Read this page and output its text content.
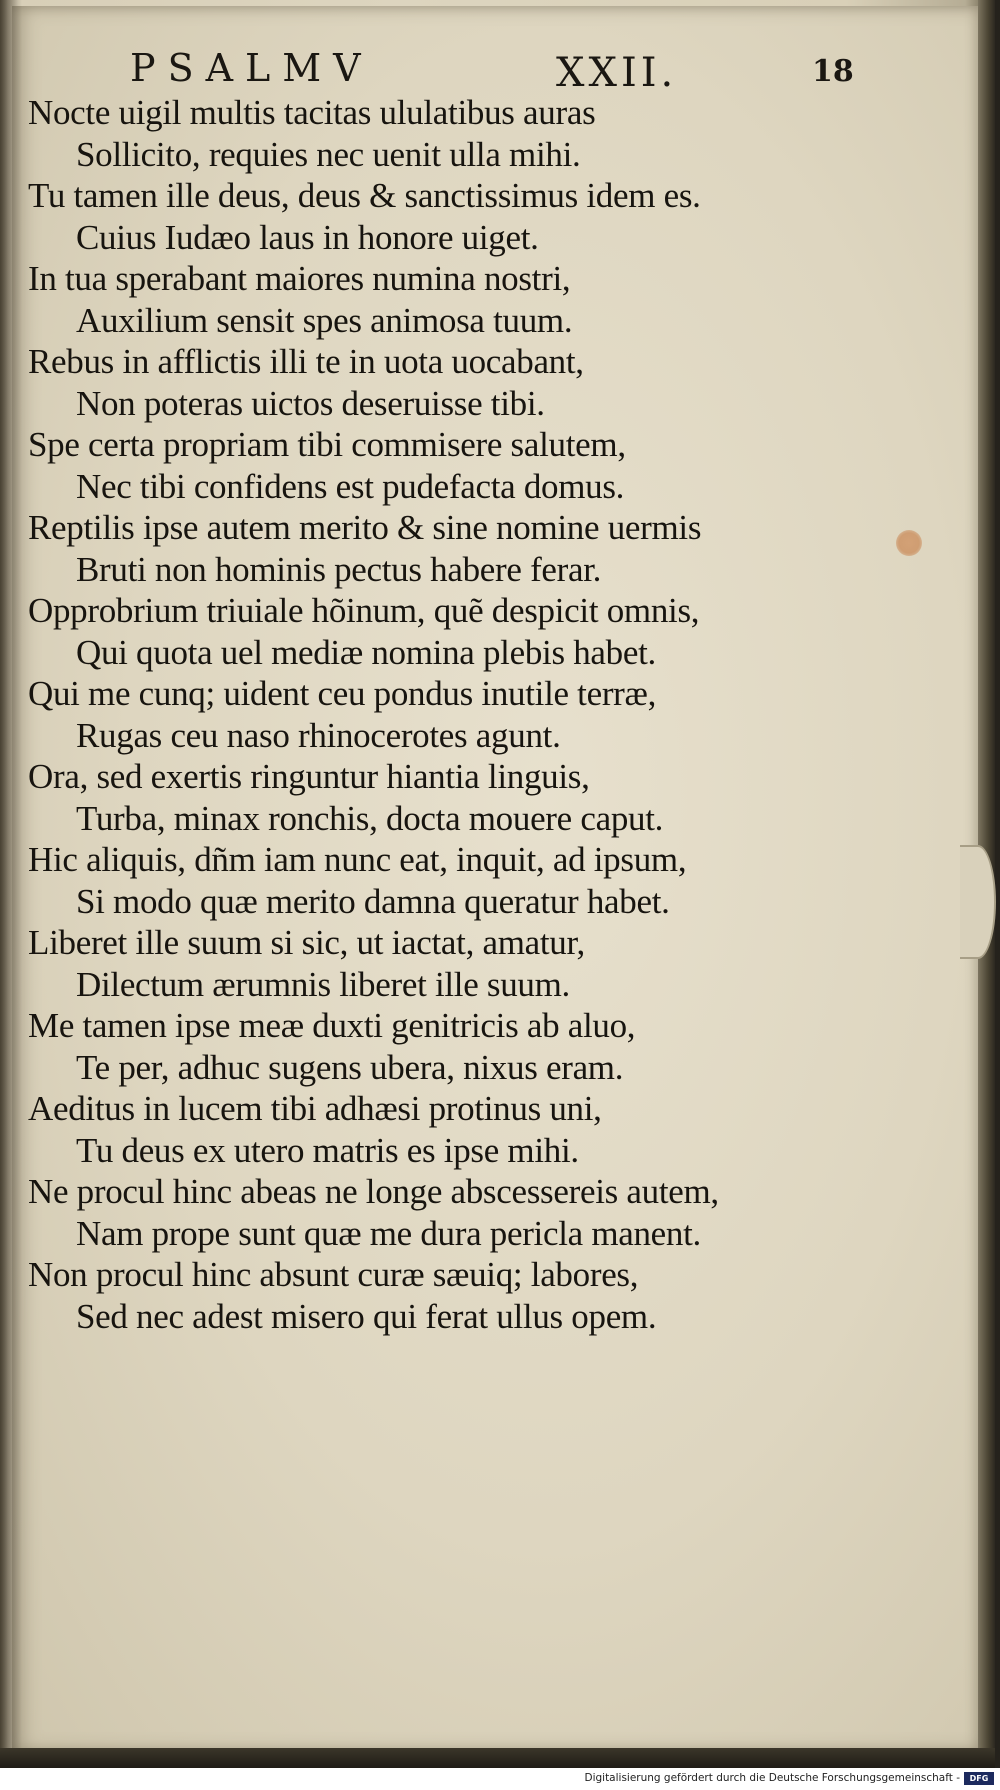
PSALMV	XXII.	18
Nocte uigil multis tacitas ululatibus auras
Sollicito, requies nec uenit ulla mihi.
Tu tamen ille deus, deus & sanctissimus idem es.
Cuius Iudæo laus in honore uiget.
In tua sperabant maiores numina nostri,
Auxilium sensit spes animosa tuum.
Rebus in afflictis illi te in uota uocabant,
Non poteras uictos deseruisse tibi.
Spe certa propriam tibi commisere salutem,
Nec tibi confidens est pudefacta domus.
Reptilis ipse autem merito & sine nomine uermis
Bruti non hominis pectus habere ferar.
Opprobrium triuiale hõinum, quẽ despicit omnis,
Qui quota uel mediæ nomina plebis habet.
Qui me cunq; uident ceu pondus inutile terræ,
Rugas ceu naso rhinocerotes agunt.
Ora, sed exertis ringuntur hiantia linguis,
Turba, minax ronchis, docta mouere caput.
Hic aliquis, dñm iam nunc eat, inquit, ad ipsum,
Si modo quæ merito damna queratur habet.
Liberet ille suum si sic, ut iactat, amatur,
Dilectum ærumnis liberet ille suum.
Me tamen ipse meæ duxti genitricis ab aluo,
Te per, adhuc sugens ubera, nixus eram.
Aeditus in lucem tibi adhæsi protinus uni,
Tu deus ex utero matris es ipse mihi.
Ne procul hinc abeas ne longe abscessereis autem,
Nam prope sunt quæ me dura pericla manent.
Non procul hinc absunt curæ sæuiq; labores,
Sed nec adest misero qui ferat ullus opem.
Digitalisierung gefördert durch die Deutsche Forschungsgemeinschaft -	DFG
